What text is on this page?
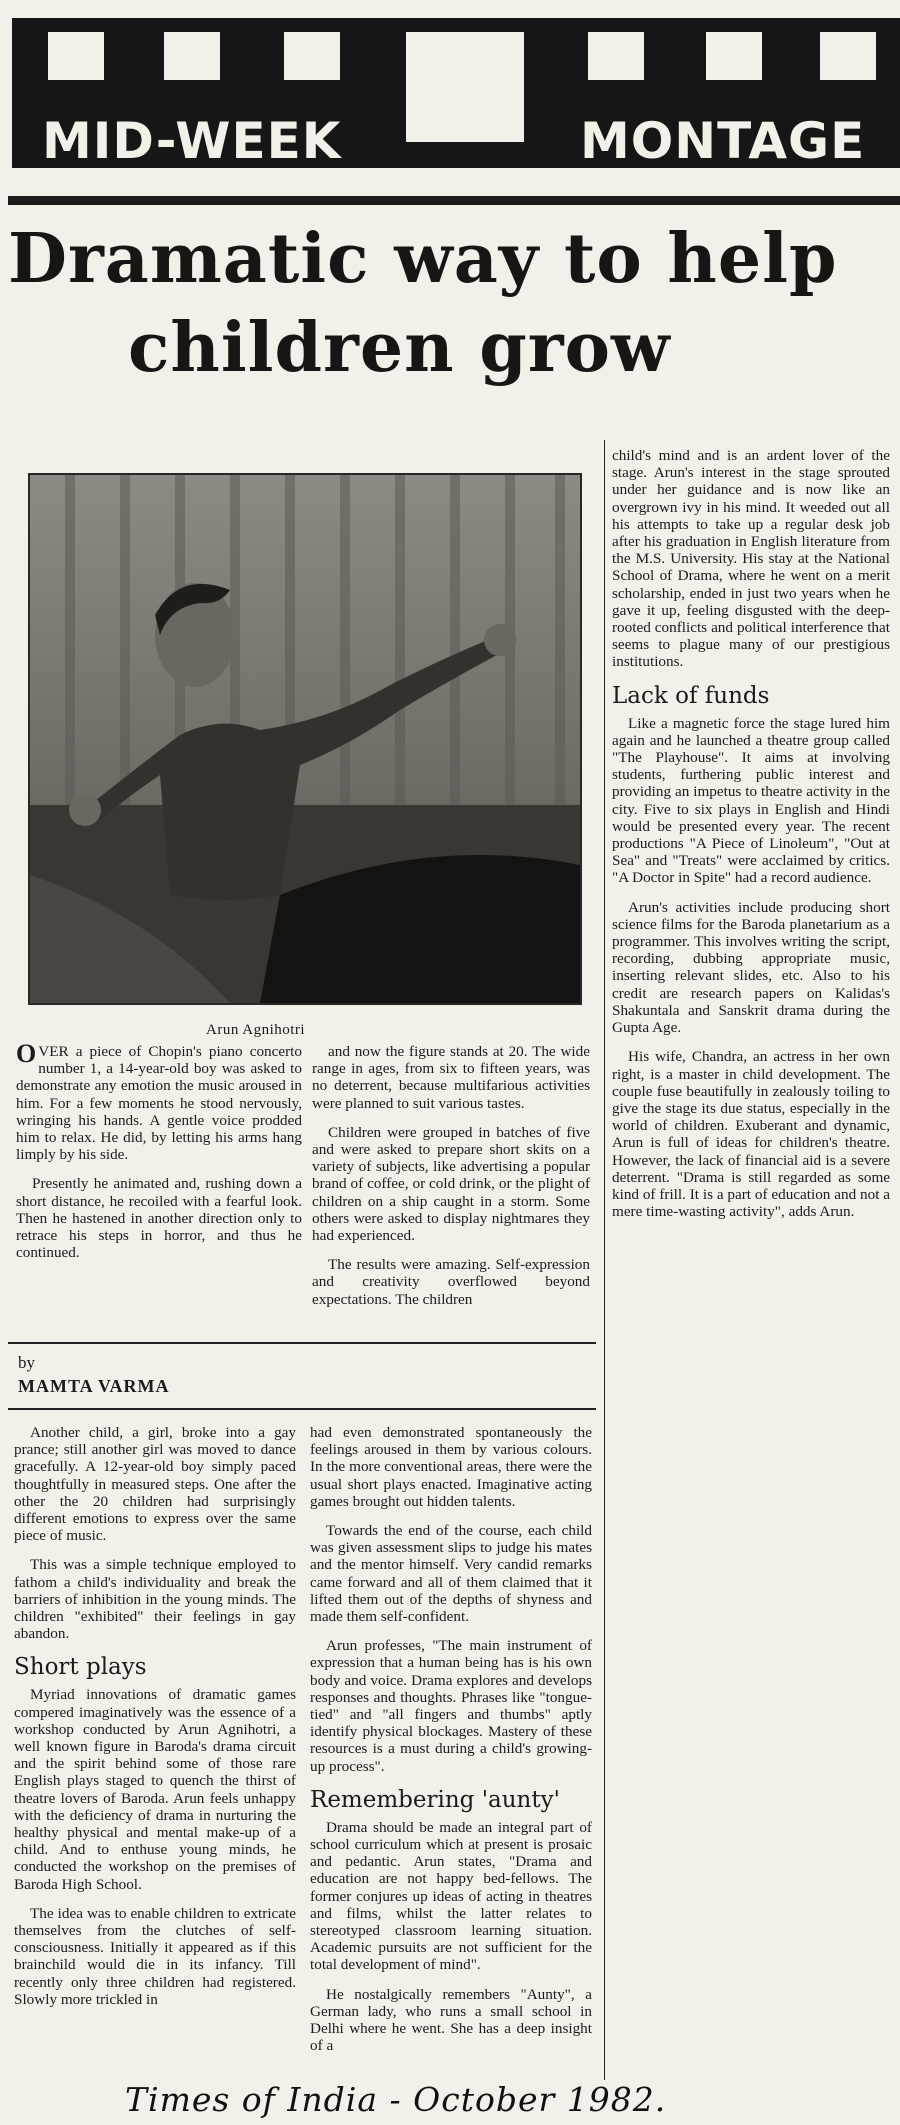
MID-WEEK	MONTAGE
Dramatic way to help
children grow
Arun Agnihotri

OVER a piece of Chopin's piano concerto number 1, a 14-year-old boy was asked to demonstrate any emotion the music aroused in him. For a few moments he stood nervously, wringing his hands. A gentle voice prodded him to relax. He did, by letting his arms hang limply by his side.

Presently he animated and, rushing down a short distance, he recoiled with a fearful look. Then he hastened in another direction only to retrace his steps in horror, and thus he continued.

and now the figure stands at 20. The wide range in ages, from six to fifteen years, was no deterrent, because multifarious activities were planned to suit various tastes.

Children were grouped in batches of five and were asked to prepare short skits on a variety of subjects, like advertising a popular brand of coffee, or cold drink, or the plight of children on a ship caught in a storm. Some others were asked to display nightmares they had experienced.

The results were amazing. Self-expression and creativity overflowed beyond expectations. The children

child's mind and is an ardent lover of the stage. Arun's interest in the stage sprouted under her guidance and is now like an overgrown ivy in his mind. It weeded out all his attempts to take up a regular desk job after his graduation in English literature from the M.S. University. His stay at the National School of Drama, where he went on a merit scholarship, ended in just two years when he gave it up, feeling disgusted with the deep-rooted conflicts and political interference that seems to plague many of our prestigious institutions.

Lack of funds

Like a magnetic force the stage lured him again and he launched a theatre group called "The Playhouse". It aims at involving students, furthering public interest and providing an impetus to theatre activity in the city. Five to six plays in English and Hindi would be presented every year. The recent productions "A Piece of Linoleum", "Out at Sea" and "Treats" were acclaimed by critics. "A Doctor in Spite" had a record audience.

Arun's activities include producing short science films for the Baroda planetarium as a programmer. This involves writing the script, recording, dubbing appropriate music, inserting relevant slides, etc. Also to his credit are research papers on Kalidas's Shakuntala and Sanskrit drama during the Gupta Age.

His wife, Chandra, an actress in her own right, is a master in child development. The couple fuse beautifully in zealously toiling to give the stage its due status, especially in the world of children. Exuberant and dynamic, Arun is full of ideas for children's theatre. However, the lack of financial aid is a severe deterrent. "Drama is still regarded as some kind of frill. It is a part of education and not a mere time-wasting activity", adds Arun.

by
MAMTA VARMA

Another child, a girl, broke into a gay prance; still another girl was moved to dance gracefully. A 12-year-old boy simply paced thoughtfully in measured steps. One after the other the 20 children had surprisingly different emotions to express over the same piece of music.

This was a simple technique employed to fathom a child's individuality and break the barriers of inhibition in the young minds. The children "exhibited" their feelings in gay abandon.

Short plays

Myriad innovations of dramatic games compered imaginatively was the essence of a workshop conducted by Arun Agnihotri, a well known figure in Baroda's drama circuit and the spirit behind some of those rare English plays staged to quench the thirst of theatre lovers of Baroda. Arun feels unhappy with the deficiency of drama in nurturing the healthy physical and mental make-up of a child. And to enthuse young minds, he conducted the workshop on the premises of Baroda High School.

The idea was to enable children to extricate themselves from the clutches of self-consciousness. Initially it appeared as if this brainchild would die in its infancy. Till recently only three children had registered. Slowly more trickled in

had even demonstrated spontaneously the feelings aroused in them by various colours. In the more conventional areas, there were the usual short plays enacted. Imaginative acting games brought out hidden talents.

Towards the end of the course, each child was given assessment slips to judge his mates and the mentor himself. Very candid remarks came forward and all of them claimed that it lifted them out of the depths of shyness and made them self-confident.

Arun professes, "The main instrument of expression that a human being has is his own body and voice. Drama explores and develops responses and thoughts. Phrases like "tongue-tied" and "all fingers and thumbs" aptly identify physical blockages. Mastery of these resources is a must during a child's growing-up process".

Remembering 'aunty'

Drama should be made an integral part of school curriculum which at present is prosaic and pedantic. Arun states, "Drama and education are not happy bed-fellows. The former conjures up ideas of acting in theatres and films, whilst the latter relates to stereotyped classroom learning situation. Academic pursuits are not sufficient for the total development of mind".

He nostalgically remembers "Aunty", a German lady, who runs a small school in Delhi where he went. She has a deep insight of a

Times of India - October 1982.
